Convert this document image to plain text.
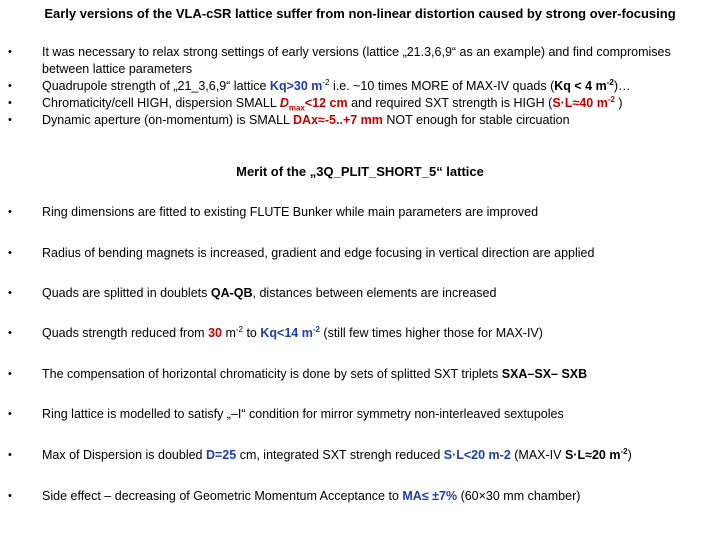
Early versions of the VLA-cSR lattice suffer from non-linear distortion caused by strong over-focusing
• It was necessary to relax strong settings of early versions (lattice „21.3,6,9“ as an example) and find compromises between lattice parameters
• Quadrupole strength of „21_3,6,9“ lattice Kq>30 $m^{-2}$ i.e. ~10 times MORE of MAX-IV quads (Kq < 4 $m^{-2})\dots$
• Chromaticity/cell HIGH, dispersion SMALL $D_{max}<12$ cm and required SXT strength is HIGH (S·L≈40 $m^{-2}$ )
• Dynamic aperture (on-momentum) is SMALL DAx≈-5..+7 mm NOT enough for stable circuation
Merit of the „3Q_PLIT_SHORT_5“ lattice
• Ring dimensions are fitted to existing FLUTE Bunker while main parameters are improved
• Radius of bending magnets is increased, gradient and edge focusing in vertical direction are applied
• Quads are splitted in doublets QA-QB, distances between elements are increased
• Quads strength reduced from 30 $m^{-2}$ to Kq<14 $m^{-2}$ (still few times higher those for MAX-IV)
• The compensation of horizontal chromaticity is done by sets of splitted SXT triplets SXA–SX– SXB
• Ring lattice is modelled to satisfy „–I“ condition for mirror symmetry non-interleaved sextupoles
• Max of Dispersion is doubled D=25 cm, integrated SXT strengh reduced S·L<20 m-2 (MAX-IV S·L≈20 $m^{-2}$)
• Side effect – decreasing of Geometric Momentum Acceptance to MA≤ ±7% (60×30 mm chamber)
